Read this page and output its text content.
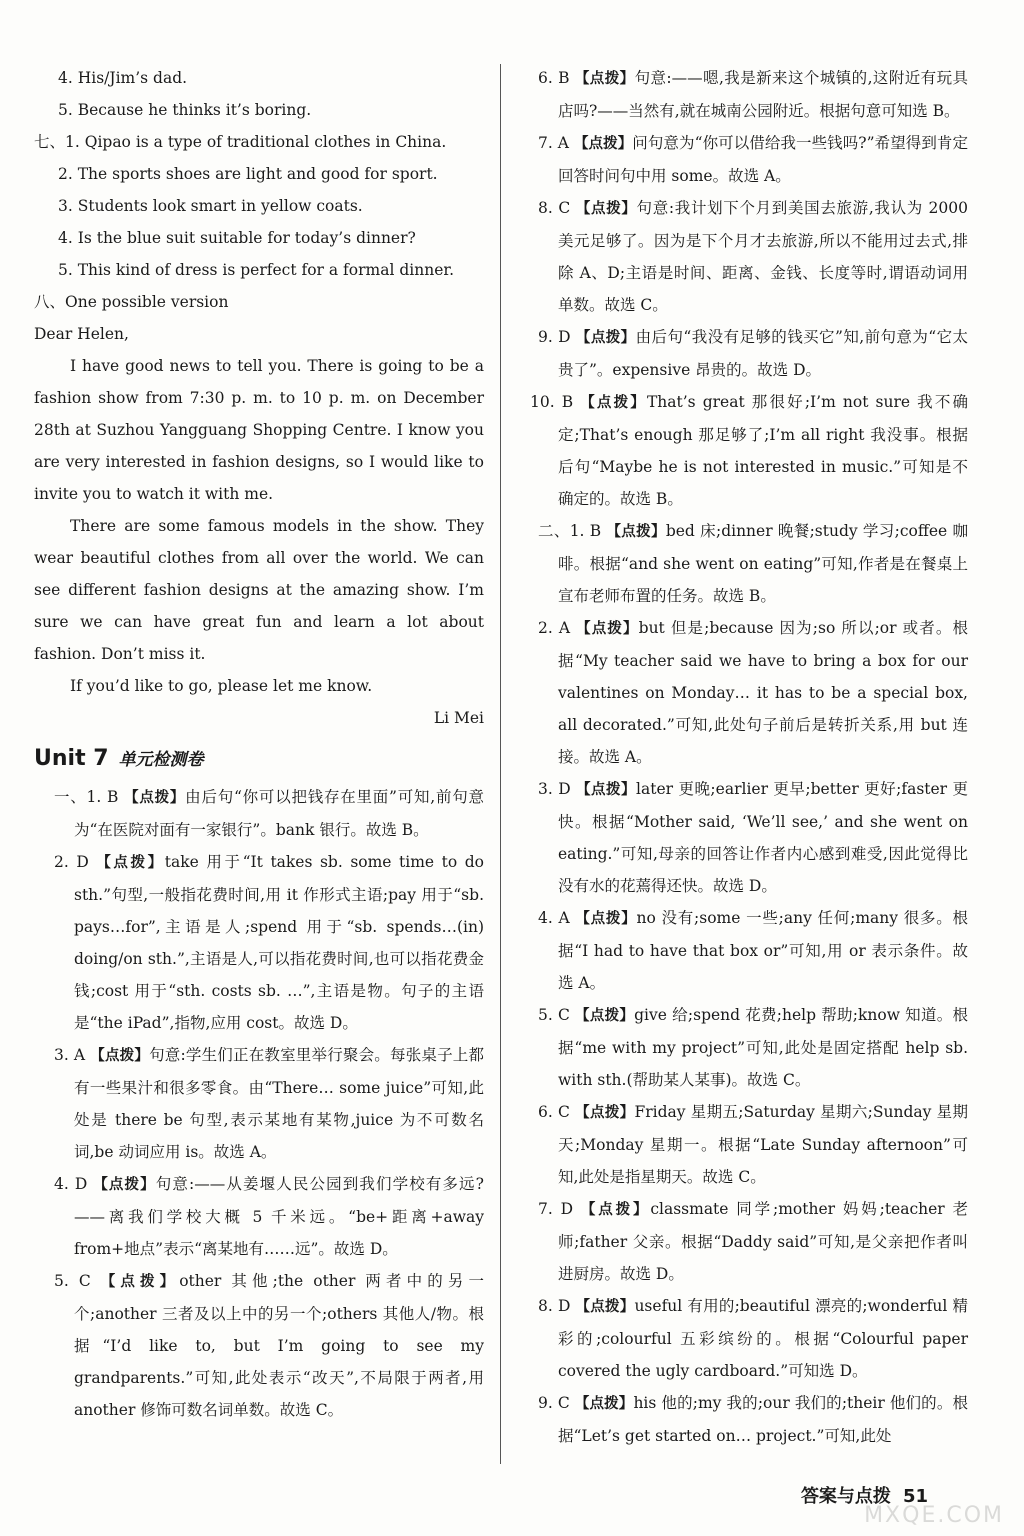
4. His/Jim’s dad.

5. Because he thinks it’s boring.

七、1. Qipao is a type of traditional clothes in China.

2. The sports shoes are light and good for sport.

3. Students look smart in yellow coats.

4. Is the blue suit suitable for today’s dinner?

5. This kind of dress is perfect for a formal dinner.

八、One possible version

Dear Helen,

I have good news to tell you. There is going to be a fashion show from 7:30 p. m. to 10 p. m. on December 28th at Suzhou Yangguang Shopping Centre. I know you are very interested in fashion designs, so I would like to invite you to watch it with me.

There are some famous models in the show. They wear beautiful clothes from all over the world. We can see different fashion designs at the amazing show. I’m sure we can have great fun and learn a lot about fashion. Don’t miss it.

If you’d like to go, please let me know.

Li Mei

Unit 7 单元检测卷

一、1. B 【点拨】由后句“你可以把钱存在里面”可知,前句意为“在医院对面有一家银行”。bank 银行。故选 B。

2. D 【点拨】take 用于“It takes sb. some time to do sth.”句型,一般指花费时间,用 it 作形式主语;pay 用于“sb. pays…for”,主语是人;spend 用于“sb. spends…(in) doing/on sth.”,主语是人,可以指花费时间,也可以指花费金钱;cost 用于“sth. costs sb. …”,主语是物。句子的主语是“the iPad”,指物,应用 cost。故选 D。

3. A 【点拨】句意:学生们正在教室里举行聚会。每张桌子上都有一些果汁和很多零食。由“There… some juice”可知,此处是 there be 句型,表示某地有某物,juice 为不可数名词,be 动词应用 is。故选 A。

4. D 【点拨】句意:——从姜堰人民公园到我们学校有多远?——离我们学校大概 5 千米远。“be+距离+away from+地点”表示“离某地有……远”。故选 D。

5. C 【点拨】other 其他;the other 两者中的另一个;another 三者及以上中的另一个;others 其他人/物。根据“I’d like to, but I’m going to see my grandparents.”可知,此处表示“改天”,不局限于两者,用 another 修饰可数名词单数。故选 C。

6. B 【点拨】句意:——嗯,我是新来这个城镇的,这附近有玩具店吗?——当然有,就在城南公园附近。根据句意可知选 B。

7. A 【点拨】问句意为“你可以借给我一些钱吗?”希望得到肯定回答时问句中用 some。故选 A。

8. C 【点拨】句意:我计划下个月到美国去旅游,我认为 2000 美元足够了。因为是下个月才去旅游,所以不能用过去式,排除 A、D;主语是时间、距离、金钱、长度等时,谓语动词用单数。故选 C。

9. D 【点拨】由后句“我没有足够的钱买它”知,前句意为“它太贵了”。expensive 昂贵的。故选 D。

10. B 【点拨】That’s great 那很好;I’m not sure 我不确定;That’s enough 那足够了;I’m all right 我没事。根据后句“Maybe he is not interested in music.”可知是不确定的。故选 B。

二、1. B 【点拨】bed 床;dinner 晚餐;study 学习;coffee 咖啡。根据“and she went on eating”可知,作者是在餐桌上宣布老师布置的任务。故选 B。

2. A 【点拨】but 但是;because 因为;so 所以;or 或者。根据“My teacher said we have to bring a box for our valentines on Monday… it has to be a special box, all decorated.”可知,此处句子前后是转折关系,用 but 连接。故选 A。

3. D 【点拨】later 更晚;earlier 更早;better 更好;faster 更快。根据“Mother said, ‘We’ll see,’ and she went on eating.”可知,母亲的回答让作者内心感到难受,因此觉得比没有水的花蔫得还快。故选 D。

4. A 【点拨】no 没有;some 一些;any 任何;many 很多。根据“I had to have that box or”可知,用 or 表示条件。故选 A。

5. C 【点拨】give 给;spend 花费;help 帮助;know 知道。根据“me with my project”可知,此处是固定搭配 help sb. with sth.(帮助某人某事)。故选 C。

6. C 【点拨】Friday 星期五;Saturday 星期六;Sunday 星期天;Monday 星期一。根据“Late Sunday afternoon”可知,此处是指星期天。故选 C。

7. D 【点拨】classmate 同学;mother 妈妈;teacher 老师;father 父亲。根据“Daddy said”可知,是父亲把作者叫进厨房。故选 D。

8. D 【点拨】useful 有用的;beautiful 漂亮的;wonderful 精彩的;colourful 五彩缤纷的。根据“Colourful paper covered the ugly cardboard.”可知选 D。

9. C 【点拨】his 他的;my 我的;our 我们的;their 他们的。根据“Let’s get started on… project.”可知,此处

答案与点拨 51
MXQE.COM
